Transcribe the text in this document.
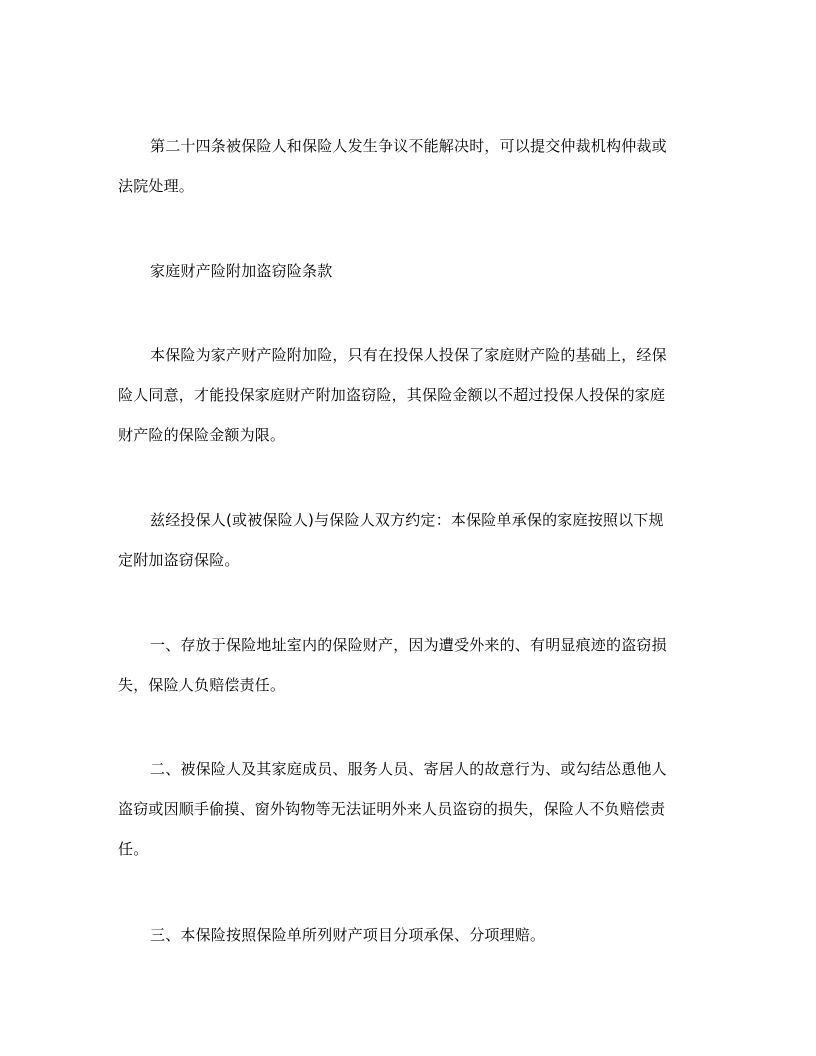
第二十四条被保险人和保险人发生争议不能解决时，可以提交仲裁机构仲裁或
法院处理。

家庭财产险附加盗窃险条款

本保险为家产财产险附加险，只有在投保人投保了家庭财产险的基础上，经保
险人同意，才能投保家庭财产附加盗窃险，其保险金额以不超过投保人投保的家庭
财产险的保险金额为限。

兹经投保人(或被保险人)与保险人双方约定：本保险单承保的家庭按照以下规
定附加盗窃保险。

一、存放于保险地址室内的保险财产，因为遭受外来的、有明显痕迹的盗窃损
失，保险人负赔偿责任。

二、被保险人及其家庭成员、服务人员、寄居人的故意行为、或勾结怂恿他人
盗窃或因顺手偷摸、窗外钩物等无法证明外来人员盗窃的损失，保险人不负赔偿责
任。

三、本保险按照保险单所列财产项目分项承保、分项理赔。
